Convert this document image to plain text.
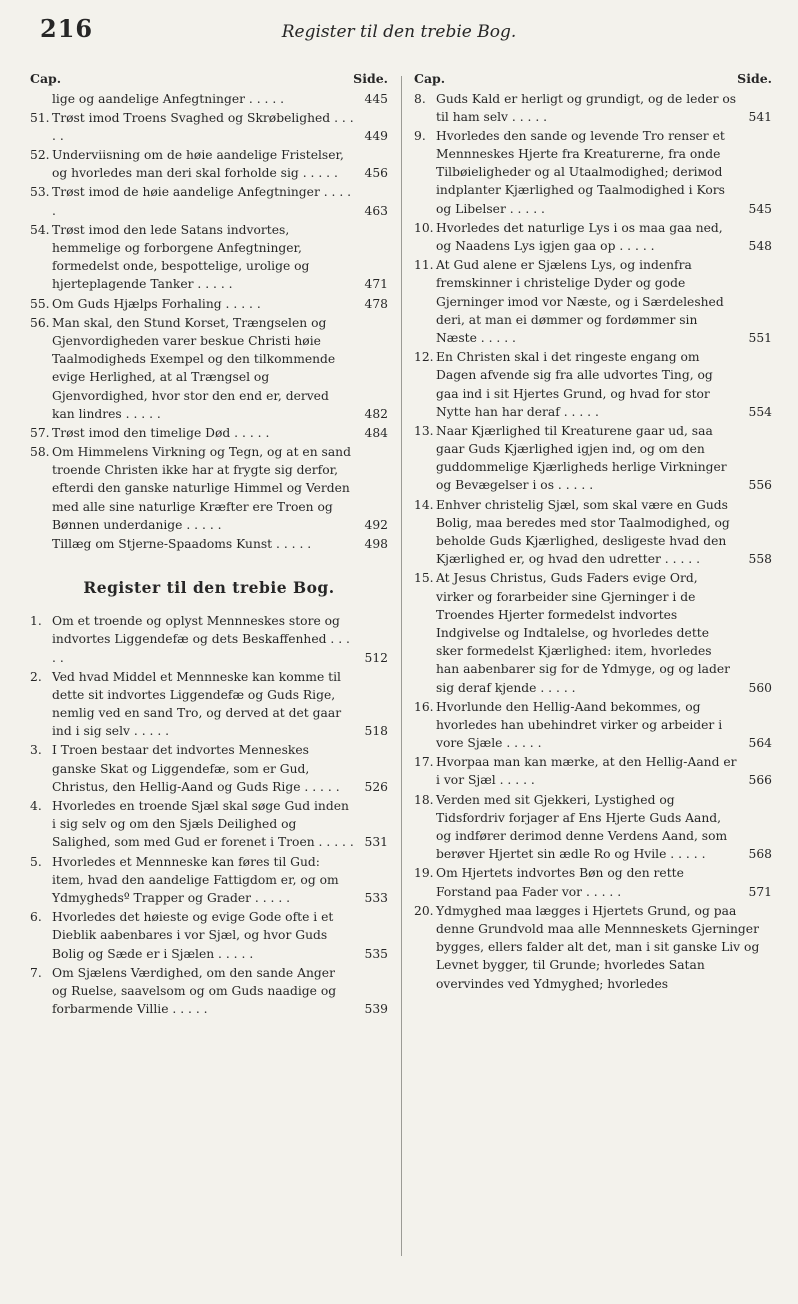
216	Register til den trebie Bog.
Cap.	Side.
lige og aandelige Anfegtninger . . . . .	445
51. Trøst imod Troens Svaghed og Skrøbelighed . . . . .	449
52. Underviisning om de høie aandelige Fristelser, og hvorledes man deri skal forholde sig . . . . . 456
53. Trøst imod de høie aandelige Anfegtninger . . . . .	463
54. Trøst imod den lede Satans indvortes, hemmelige og forborgene Anfegtninger, formedelst onde, bespottelige, urolige og hjerteplagende Tanker . . . . .	471
55. Om Guds Hjælps Forhaling . . . . .	478
56. Man skal, den Stund Korset, Trængselen og Gjenvordigheden varer beskue Christi høie Taalmodigheds Exempel og den tilkommende evige Herlighed, at al Trængsel og Gjenvordighed, hvor stor den end er, derved kan lindres . . . . .	482
57. Trøst imod den timelige Død . . . . .	484
58. Om Himmelens Virkning og Tegn, og at en sand troende Christen ikke har at frygte sig derfor, efterdi den ganske naturlige Himmel og Verden med alle sine naturlige Kræfter ere Troen og Bønnen underdanige . . . . .	492
Tillæg om Stjerne-Spaadoms Kunst . . . . .	498
Register til den trebie Bog.
1. Om et troende og oplyst Mennneskes store og indvortes Liggendefæ og dets Beskaffenhed . . . . .	512
2. Ved hvad Middel et Mennneske kan komme til dette sit indvortes Liggendefæ og Guds Rige, nemlig ved en sand Tro, og derved at det gaar ind i sig selv . . . . .	518
3. I Troen bestaar det indvortes Menneskes ganske Skat og Liggendefæ, som er Gud, Christus, den Hellig-Aand og Guds Rige . . . . . 526
4. Hvorledes en troende Sjæl skal søge Gud inden i sig selv og om den Sjæls Deilighed og Salighed, som med Gud er forenet i Troen . . . . . 531
5. Hvorledes et Mennneske kan føres til Gud: item, hvad den aandelige Fattigdom er, og om Ydmyghedsº Trapper og Grader . . . . .	533
6. Hvorledes det høieste og evige Gode ofte i et Dieblik aabenbares i vor Sjæl, og hvor Guds Bolig og Sæde er i Sjælen . . . . .	535
7. Om Sjælens Værdighed, om den sande Anger og Ruelse, saavelsom og om Guds naadige og forbarmende Villie . . . . .	539
Cap.	Side.
8. Guds Kald er herligt og grundigt, og de leder os til ham selv . . . . .	541
9. Hvorledes den sande og levende Tro renser et Mennneskes Hjerte fra Kreaturerne, fra onde Tilbøieligheder og al Utaalmodighed; deriмod indplanter Kjærlighed og Taalmodighed i Kors og Libelser . . . . .	545
10. Hvorledes det naturlige Lys i os maa gaa ned, og Naadens Lys igjen gaa op . . . . .	548
11. At Gud alene er Sjælens Lys, og indenfra fremskinner i christelige Dyder og gode Gjerninger imod vor Næste, og i Særdeleshed deri, at man ei dømmer og fordømmer sin Næste . . . . .	551
12. En Christen skal i det ringeste engang om Dagen afvende sig fra alle udvortes Ting, og gaa ind i sit Hjertes Grund, og hvad for stor Nytte han har deraf . . . . .	554
13. Naar Kjærlighed til Kreaturene gaar ud, saa gaar Guds Kjærlighed igjen ind, og om den guddommelige Kjærligheds herlige Virkninger og Bevægelser i os . . . . .	556
14. Enhver christelig Sjæl, som skal være en Guds Bolig, maa beredes med stor Taalmodighed, og beholde Guds Kjærlighed, desligeste hvad den Kjærlighed er, og hvad den udretter . . . . .	558
15. At Jesus Christus, Guds Faders evige Ord, virker og forarbeider sine Gjerninger i de Troendes Hjerter formedelst indvortes Indgivelse og Indtalelse, og hvorledes dette sker formedelst Kjærlighed: item, hvorledes han aabenbarer sig for de Ydmyge, og og lader sig deraf kjende . . . . .	560
16. Hvorlunde den Hellig-Aand bekommes, og hvorledes han ubehindret virker og arbeider i vore Sjæle . . . . .	564
17. Hvorpaa man kan mærke, at den Hellig-Aand er i vor Sjæl . . . . .	566
18. Verden med sit Gjekkeri, Lystighed og Tidsfordriv forjager af Ens Hjerte Guds Aand, og indfører derimod denne Verdens Aand, som berøver Hjertet sin ædle Ro og Hvile . . . . .	568
19. Om Hjertets indvortes Bøn og den rette Forstand paa Fader vor . . . . .	571
20. Ydmyghed maa lægges i Hjertets Grund, og paa denne Grundvold maa alle Mennneskets Gjerninger bygges, ellers falder alt det, man i sit ganske Liv og Levnet bygger, til Grunde; hvorledes Satan overvindes ved Ydmyghed; hvorledes
